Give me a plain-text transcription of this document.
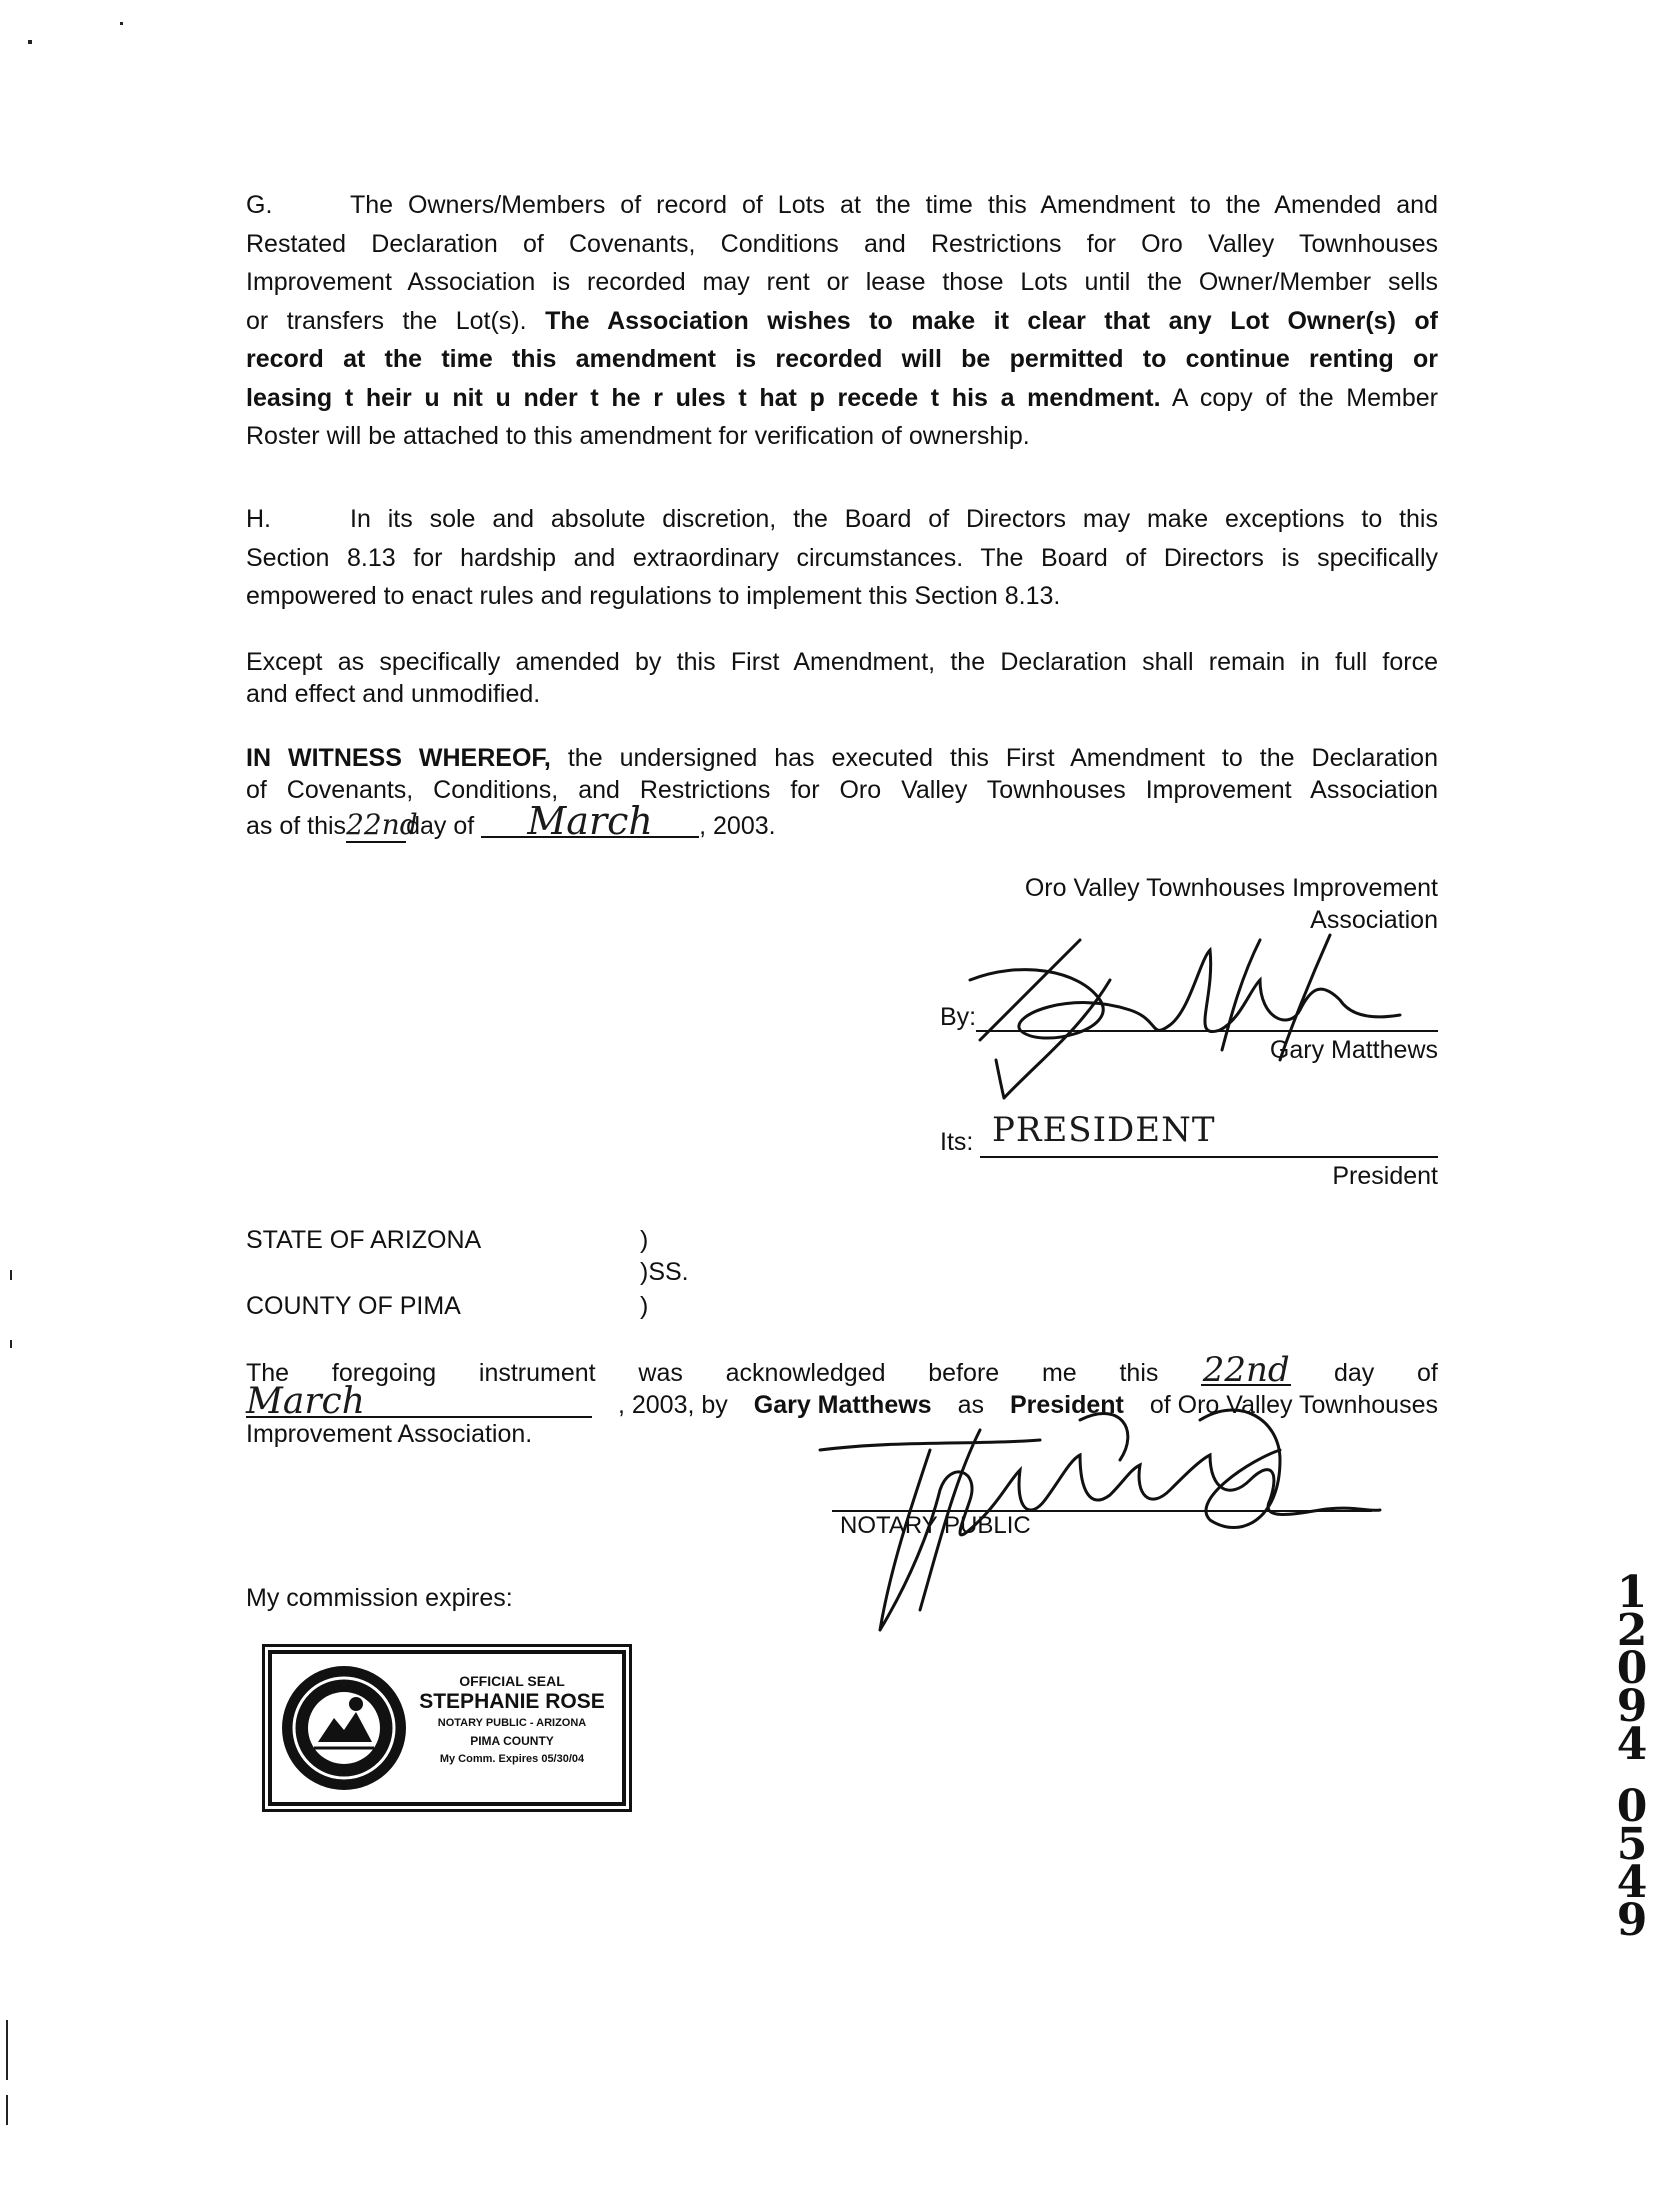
G.	The Owners/Members of record of Lots at the time this Amendment to the Amended and
Restated Declaration of Covenants, Conditions and Restrictions for Oro Valley Townhouses
Improvement Association is recorded may rent or lease those Lots until the Owner/Member sells
or transfers the Lot(s). The Association wishes to make it clear that any Lot Owner(s) of
record at the time this amendment is recorded will be permitted to continue renting or
leasing t heir u nit u nder t he r ules t hat p recede t his a mendment. A copy of the Member
Roster will be attached to this amendment for verification of ownership.
H.	In its sole and absolute discretion, the Board of Directors may make exceptions to this
Section 8.13 for hardship and extraordinary circumstances. The Board of Directors is specifically
empowered to enact rules and regulations to implement this Section 8.13.
Except as specifically amended by this First Amendment, the Declaration shall remain in full force
and effect and unmodified.
IN WITNESS WHEREOF, the undersigned has executed this First Amendment to the Declaration
of Covenants, Conditions, and Restrictions for Oro Valley Townhouses Improvement Association
as of this22ndday of March , 2003.
Oro Valley Townhouses Improvement
Association
By:
Gary Matthews
Its: PRESIDENT
President
STATE OF ARIZONA	)
)SS.
COUNTY OF PIMA	)
The foregoing instrument was acknowledged before me this 22nd day of
March	, 2003, by Gary Matthews as President of Oro Valley Townhouses
Improvement Association.
NOTARY PUBLIC
My commission expires:
OFFICIAL SEAL
STEPHANIE ROSE
NOTARY PUBLIC - ARIZONA
PIMA COUNTY
My Comm. Expires 05/30/04
1
2
0
9
4
0
5
4
9
